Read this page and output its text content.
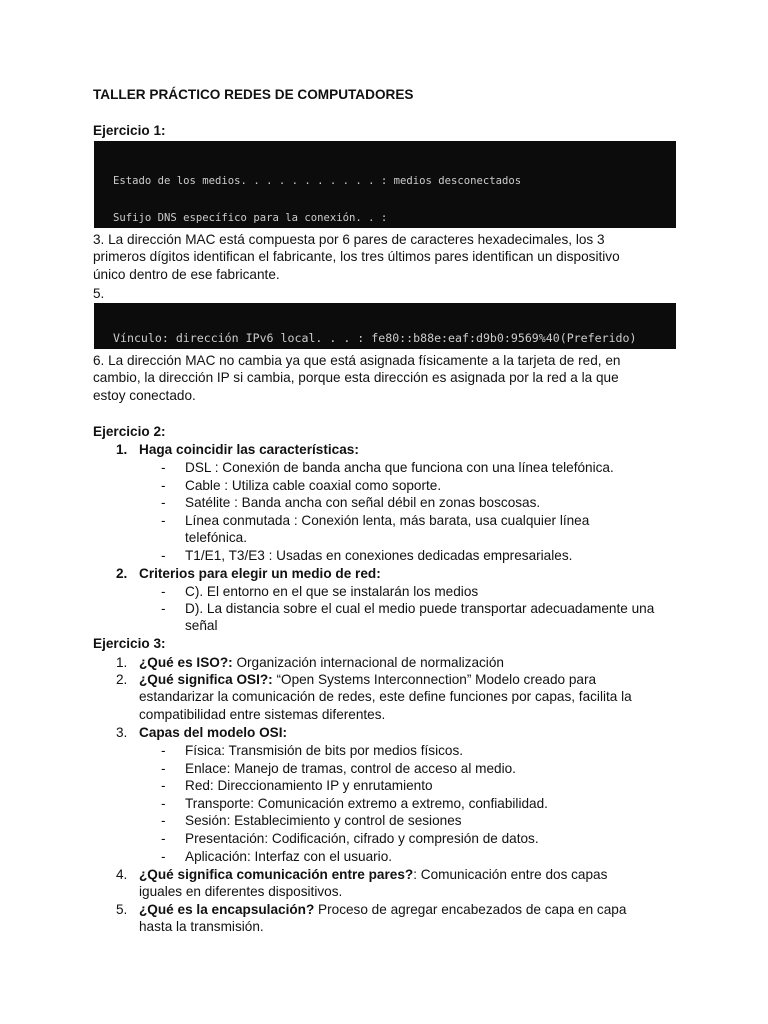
TALLER PRÁCTICO REDES DE COMPUTADORES
Ejercicio 1:

Estado de los medios. . . . . . . . . . . : medios desconectados

Sufijo DNS específico para la conexión. . :

3. La dirección MAC está compuesta por 6 pares de caracteres hexadecimales, los 3 primeros dígitos identifican el fabricante, los tres últimos pares identifican un dispositivo único dentro de ese fabricante.
5.

Vínculo: dirección IPv6 local. . . : fe80::b88e:eaf:d9b0:9569%40(Preferido)

6. La dirección MAC no cambia ya que está asignada físicamente a la tarjeta de red, en cambio, la dirección IP si cambia, porque esta dirección es asignada por la red a la que estoy conectado.
Ejercicio 2:
1. Haga coincidir las características:
- DSL : Conexión de banda ancha que funciona con una línea telefónica.
- Cable : Utiliza cable coaxial como soporte.
- Satélite : Banda ancha con señal débil en zonas boscosas.
- Línea conmutada : Conexión lenta, más barata, usa cualquier línea telefónica.
- T1/E1, T3/E3 : Usadas en conexiones dedicadas empresariales.
2. Criterios para elegir un medio de red:
- C). El entorno en el que se instalarán los medios
- D). La distancia sobre el cual el medio puede transportar adecuadamente una señal
Ejercicio 3:
1. ¿Qué es ISO?: Organización internacional de normalización
2. ¿Qué significa OSI?: “Open Systems Interconnection” Modelo creado para estandarizar la comunicación de redes, este define funciones por capas, facilita la compatibilidad entre sistemas diferentes.
3. Capas del modelo OSI:
- Física: Transmisión de bits por medios físicos.
- Enlace: Manejo de tramas, control de acceso al medio.
- Red: Direccionamiento IP y enrutamiento
- Transporte: Comunicación extremo a extremo, confiabilidad.
- Sesión: Establecimiento y control de sesiones
- Presentación: Codificación, cifrado y compresión de datos.
- Aplicación: Interfaz con el usuario.
4. ¿Qué significa comunicación entre pares?: Comunicación entre dos capas iguales en diferentes dispositivos.
5. ¿Qué es la encapsulación? Proceso de agregar encabezados de capa en capa hasta la transmisión.
